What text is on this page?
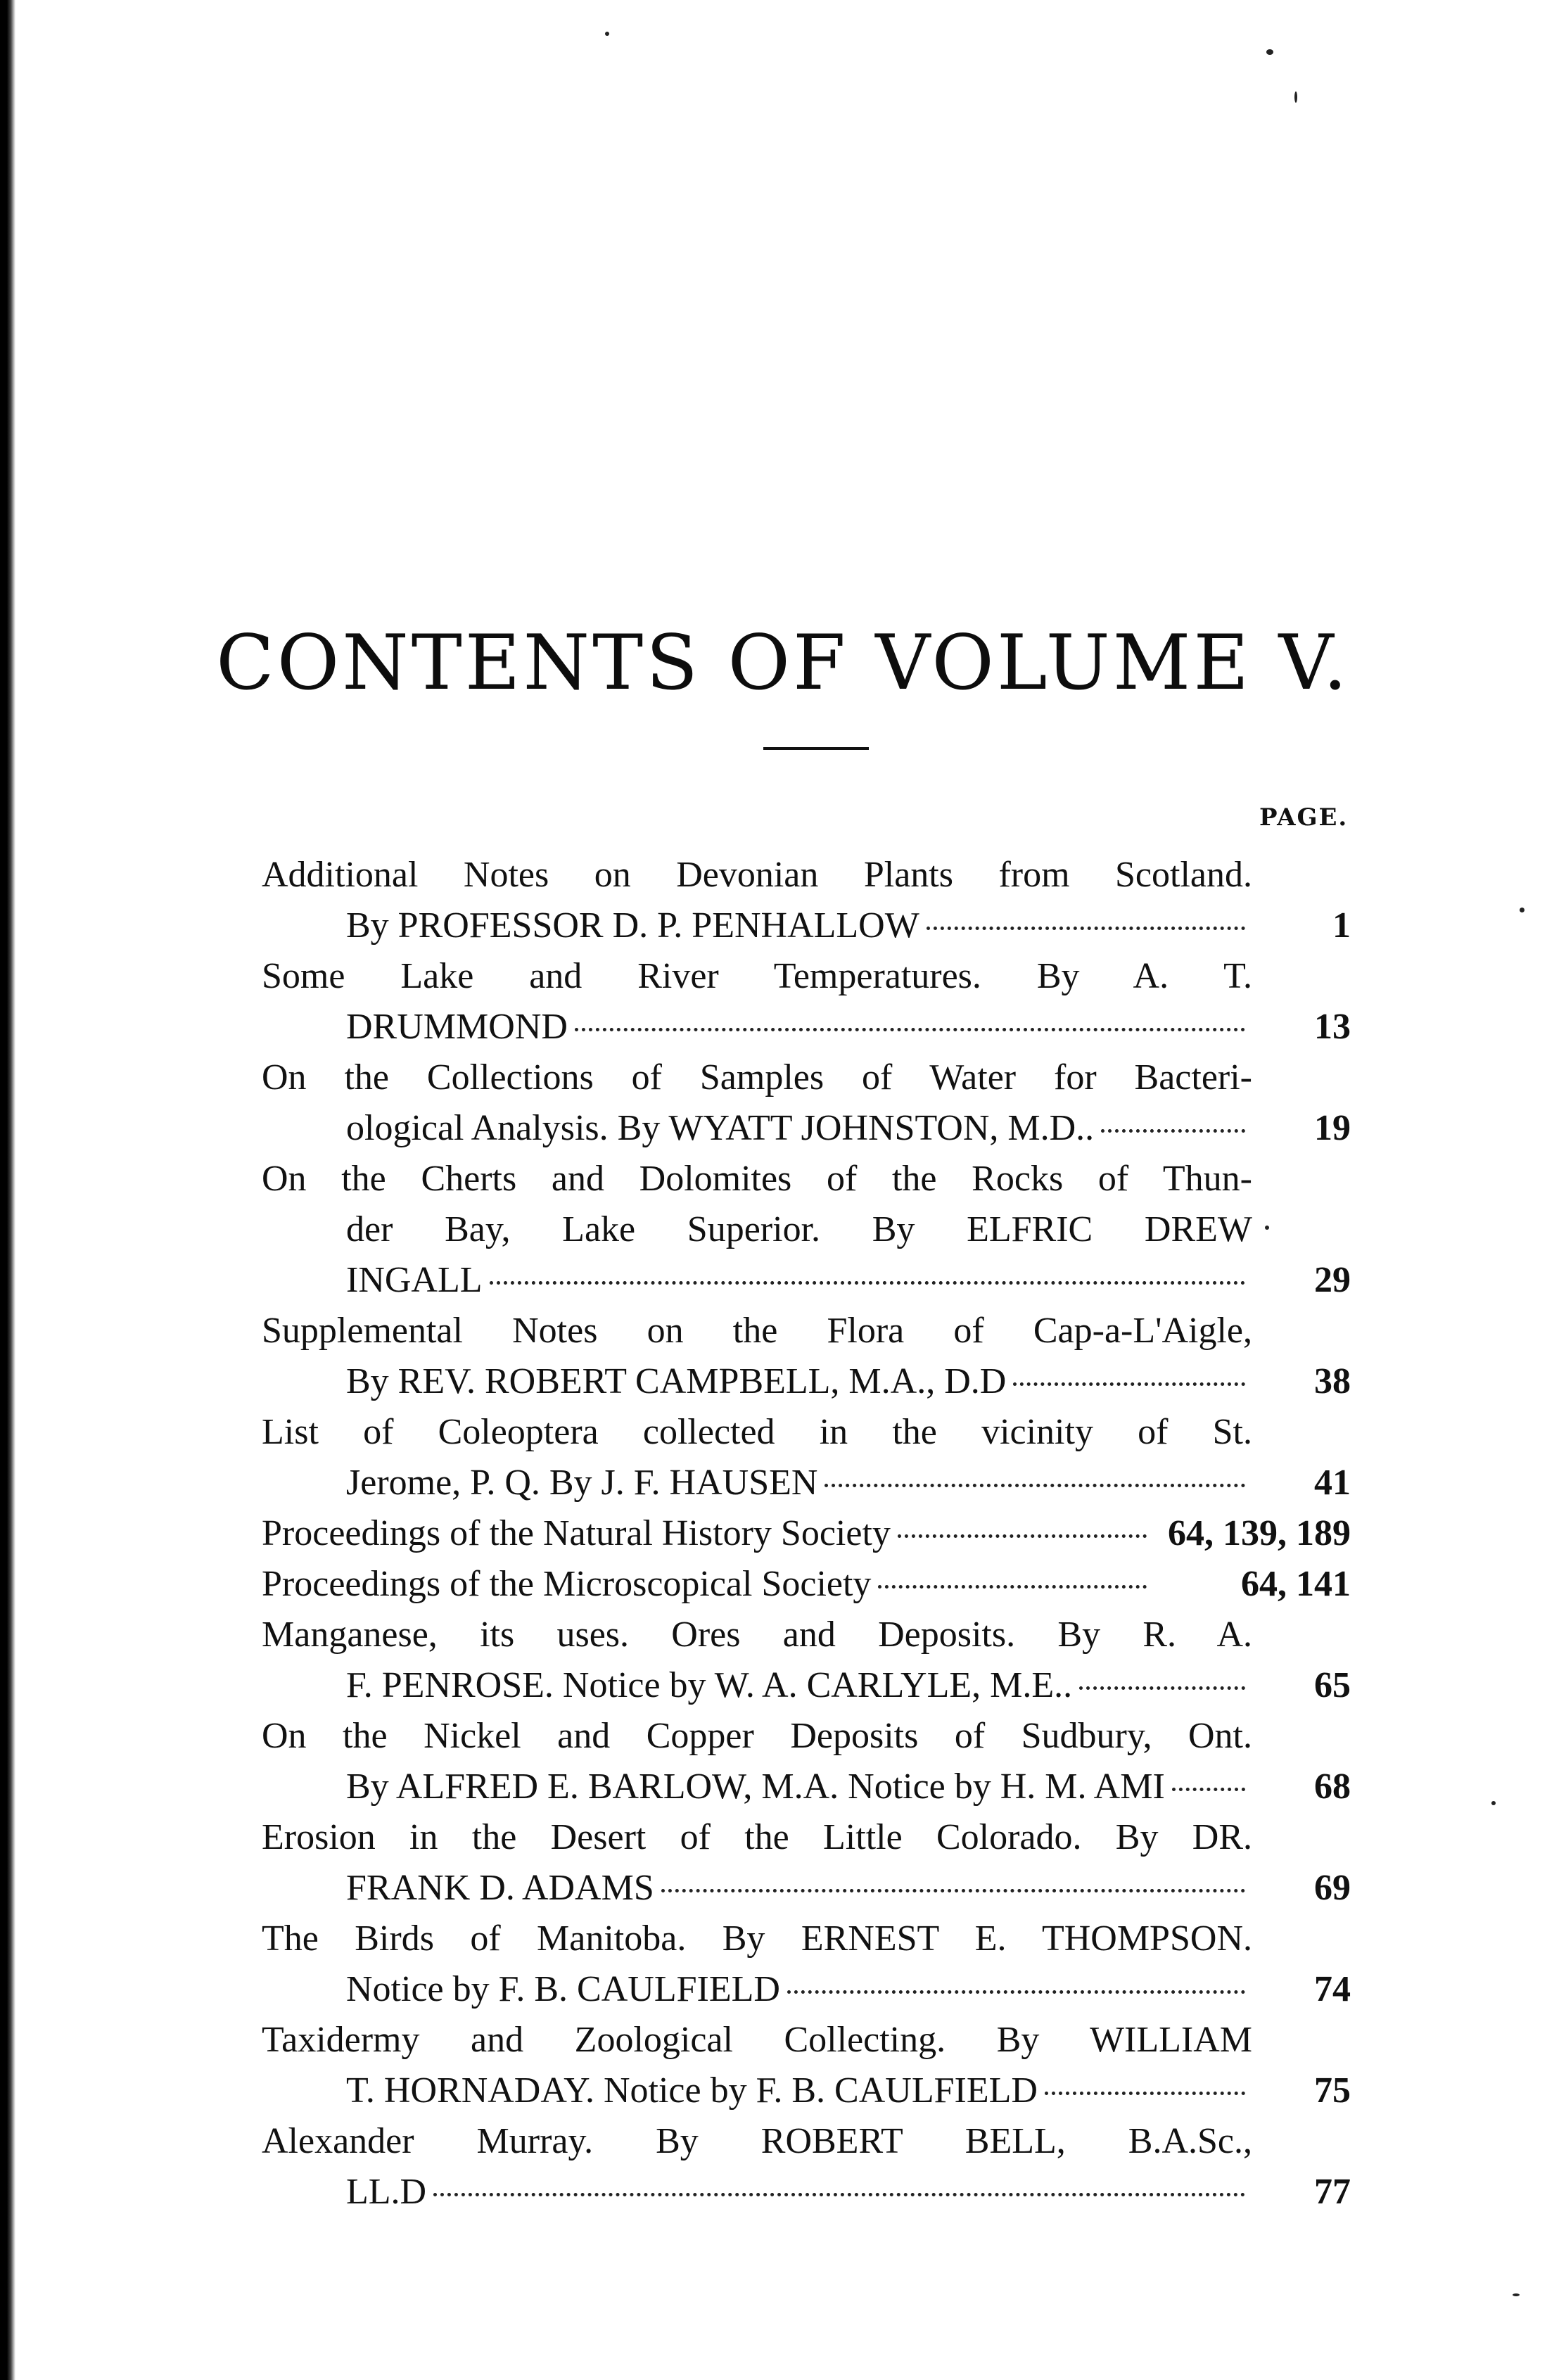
CONTENTS OF VOLUME V.
PAGE.
Additional Notes on Devonian Plants from Scotland.
By PROFESSOR D. P. PENHALLOW	1
Some Lake and River Temperatures. By A. T.
DRUMMOND	13
On the Collections of Samples of Water for Bacteri-
ological Analysis. By WYATT JOHNSTON, M.D..	19
On the Cherts and Dolomites of the Rocks of Thun-
der Bay, Lake Superior. By ELFRIC DREW
INGALL	29
Supplemental Notes on the Flora of Cap-a-L'Aigle,
By REV. ROBERT CAMPBELL, M.A., D.D	38
List of Coleoptera collected in the vicinity of St.
Jerome, P. Q. By J. F. HAUSEN	41
Proceedings of the Natural History Society	64, 139, 189
Proceedings of the Microscopical Society	64, 141
Manganese, its uses. Ores and Deposits. By R. A.
F. PENROSE. Notice by W. A. CARLYLE, M.E..	65
On the Nickel and Copper Deposits of Sudbury, Ont.
By ALFRED E. BARLOW, M.A. Notice by H. M. AMI	68
Erosion in the Desert of the Little Colorado. By DR.
FRANK D. ADAMS	69
The Birds of Manitoba. By ERNEST E. THOMPSON.
Notice by F. B. CAULFIELD	74
Taxidermy and Zoological Collecting. By WILLIAM
T. HORNADAY. Notice by F. B. CAULFIELD	75
Alexander Murray. By ROBERT BELL, B.A.Sc.,
LL.D	77
